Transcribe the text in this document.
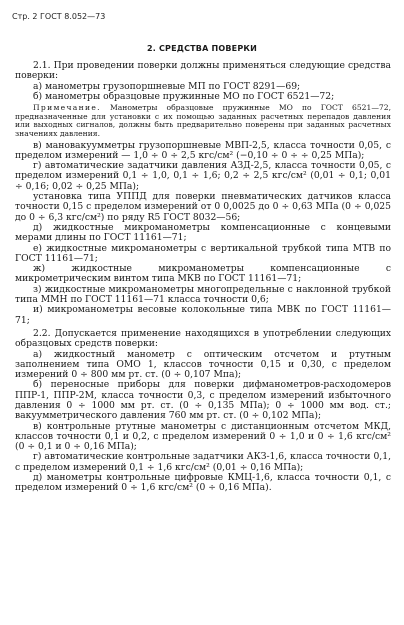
Стр. 2 ГОСТ 8.052—73
2. СРЕДСТВА ПОВЕРКИ

2.1. При проведении поверки должны применяться следующие средства поверки:

а) манометры грузопоршневые МП по ГОСТ 8291—69;

б) манометры образцовые пружинные МО по ГОСТ 6521—72;

Примечание. Манометры образцовые пружинные МО по ГОСТ 6521—72, предназначенные для установки с их помощью заданных расчетных перепадов давления или выходных сигналов, должны быть предварительно поверены при заданных расчетных значениях давления.

в) мановакуумметры грузопоршневые МВП-2,5, класса точности 0,05, с пределом измерений — 1,0 ÷ 0 ÷ 2,5 кгс/см² (−0,10 ÷ 0 ÷ ÷ 0,25 МПа);

г) автоматические задатчики давления АЗД-2,5, класса точности 0,05, с пределом измерений 0,1 ÷ 1,0, 0,1 ÷ 1,6; 0,2 ÷ 2,5 кгс/см² (0,01 ÷ 0,1; 0,01 ÷ 0,16; 0,02 ÷ 0,25 МПа);

установка типа УППД для поверки пневматических датчиков класса точности 0,15 с пределом измерений от 0 0,0025 до 0 ÷ 0,63 МПа (0 ÷ 0,025 до 0 ÷ 6,3 кгс/см²) по ряду R5 ГОСТ 8032—56;

д) жидкостные микроманометры компенсационные с концевыми мерами длины по ГОСТ 11161—71;

е) жидкостные микроманометры с вертикальной трубкой типа МТВ по ГОСТ 11161—71;

ж) жидкостные микроманометры компенсационные с микрометрическим винтом типа МКВ по ГОСТ 11161—71;

з) жидкостные микроманометры многопредельные с наклонной трубкой типа ММН по ГОСТ 11161—71 класса точности 0,6;

и) микроманометры весовые колокольные типа МВК по ГОСТ 11161—71;

2.2. Допускается применение находящихся в употреблении следующих образцовых средств поверки:

а) жидкостный манометр с оптическим отсчетом и ртутным заполнением типа ОМО 1, классов точности 0,15 и 0,30, с пределом измерений 0 ÷ 800 мм рт. ст. (0 ÷ 0,107 Мпа);

б) переносные приборы для поверки дифманометров-расходомеров ППР-1, ППР-2М, класса точности 0,3, с пределом измерений избыточного давления 0 ÷ 1000 мм рт. ст. (0 ÷ 0,135 МПа); 0 ÷ 1000 мм вод. ст.; вакуумметрического давления 760 мм рт. ст. (0 ÷ 0,102 МПа);

в) контрольные ртутные манометры с дистанционным отсчетом МКД, классов точности 0,1 и 0,2, с пределом измерений 0 ÷ 1,0 и 0 ÷ 1,6 кгс/см² (0 ÷ 0,1 и 0 ÷ 0,16 МПа);

г) автоматические контрольные задатчики АКЗ-1,6, класса точности 0,1, с пределом измерений 0,1 ÷ 1,6 кгс/см² (0,01 ÷ 0,16 МПа);

д) манометры контрольные цифровые КМЦ-1,6, класса точности 0,1, с пределом измерений 0 ÷ 1,6 кгс/см² (0 ÷ 0,16 МПа).
